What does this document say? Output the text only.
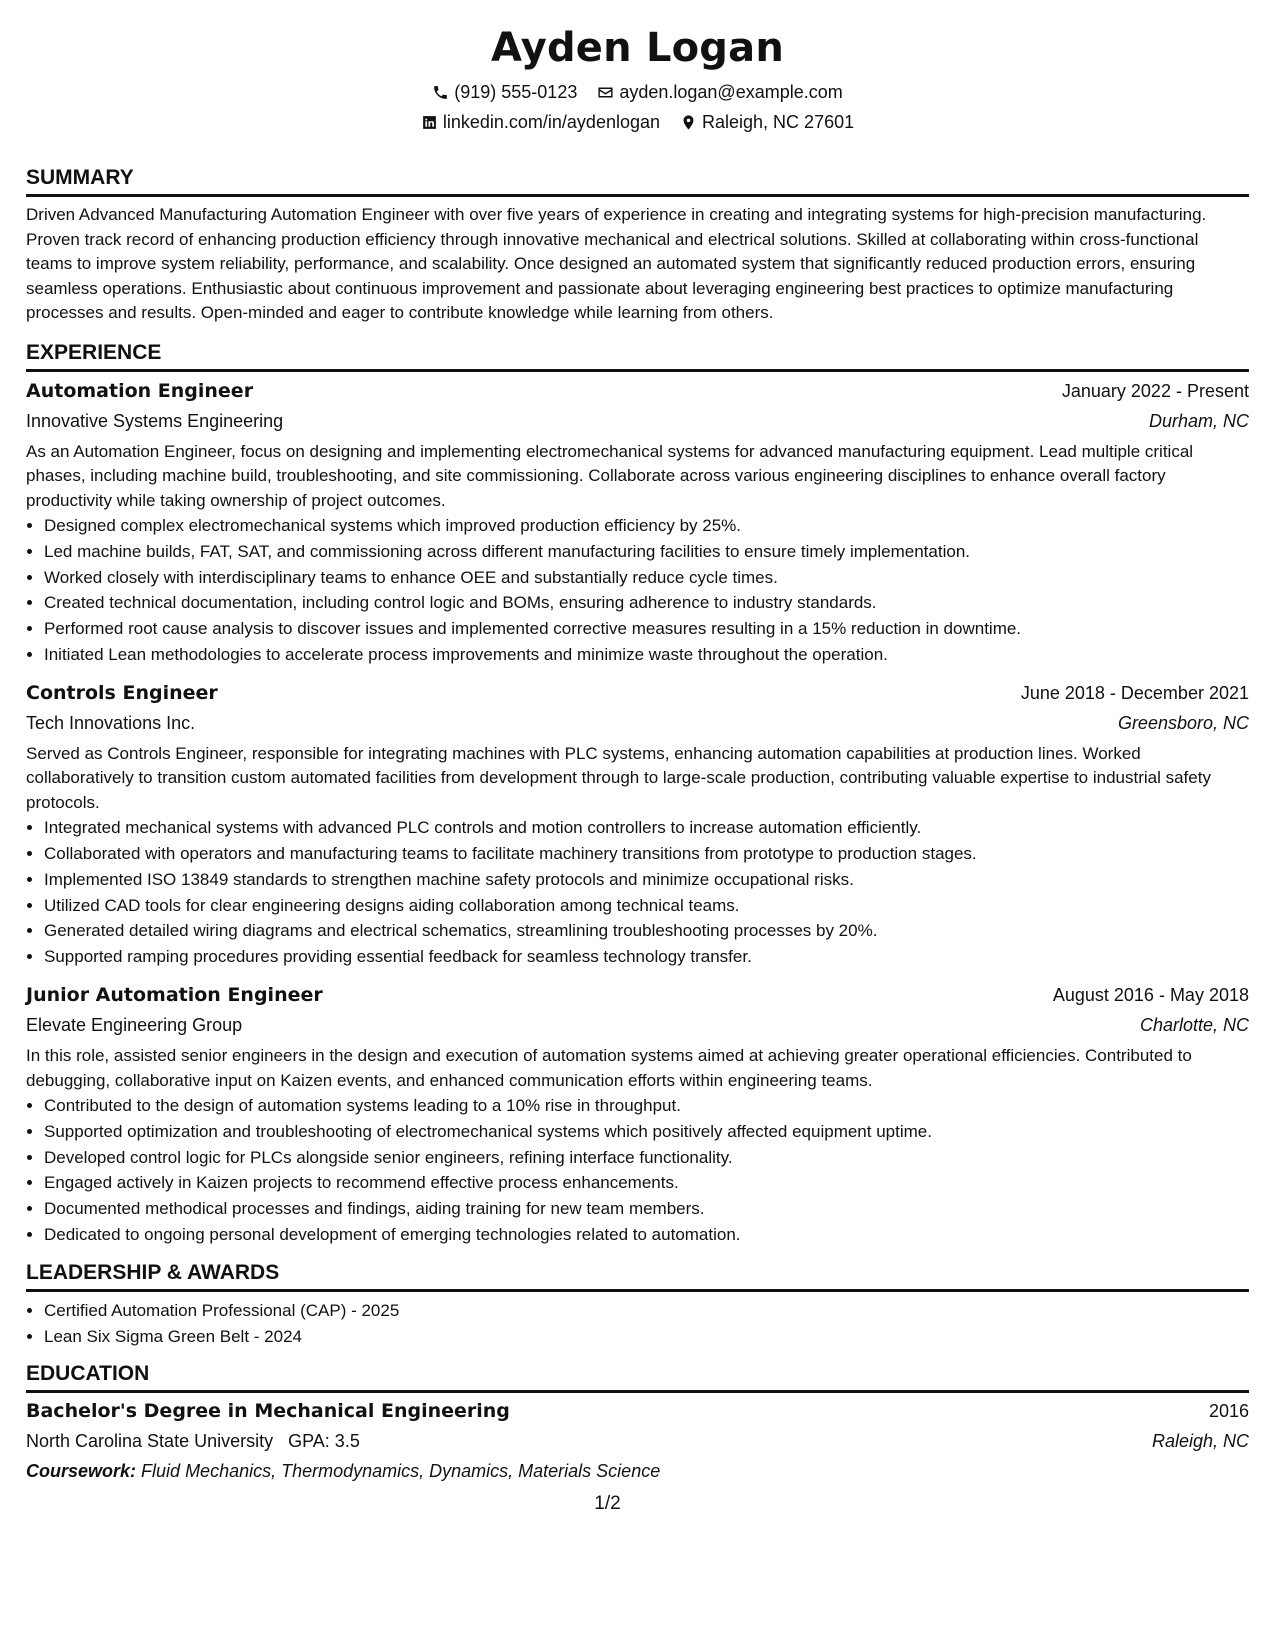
Ayden Logan
(919) 555-0123 ayden.logan@example.com
linkedin.com/in/aydenlogan Raleigh, NC 27601
SUMMARY

Driven Advanced Manufacturing Automation Engineer with over five years of experience in creating and integrating systems for high-precision manufacturing. Proven track record of enhancing production efficiency through innovative mechanical and electrical solutions. Skilled at collaborating within cross-functional teams to improve system reliability, performance, and scalability. Once designed an automated system that significantly reduced production errors, ensuring seamless operations. Enthusiastic about continuous improvement and passionate about leveraging engineering best practices to optimize manufacturing processes and results. Open-minded and eager to contribute knowledge while learning from others.

EXPERIENCE
Automation Engineer	January 2022 - Present
Innovative Systems Engineering	Durham, NC

As an Automation Engineer, focus on designing and implementing electromechanical systems for advanced manufacturing equipment. Lead multiple critical phases, including machine build, troubleshooting, and site commissioning. Collaborate across various engineering disciplines to enhance overall factory productivity while taking ownership of project outcomes.

• Designed complex electromechanical systems which improved production efficiency by 25%.
• Led machine builds, FAT, SAT, and commissioning across different manufacturing facilities to ensure timely implementation.
• Worked closely with interdisciplinary teams to enhance OEE and substantially reduce cycle times.
• Created technical documentation, including control logic and BOMs, ensuring adherence to industry standards.
• Performed root cause analysis to discover issues and implemented corrective measures resulting in a 15% reduction in downtime.
• Initiated Lean methodologies to accelerate process improvements and minimize waste throughout the operation.
Controls Engineer	June 2018 - December 2021
Tech Innovations Inc.	Greensboro, NC

Served as Controls Engineer, responsible for integrating machines with PLC systems, enhancing automation capabilities at production lines. Worked collaboratively to transition custom automated facilities from development through to large-scale production, contributing valuable expertise to industrial safety protocols.

• Integrated mechanical systems with advanced PLC controls and motion controllers to increase automation efficiently.
• Collaborated with operators and manufacturing teams to facilitate machinery transitions from prototype to production stages.
• Implemented ISO 13849 standards to strengthen machine safety protocols and minimize occupational risks.
• Utilized CAD tools for clear engineering designs aiding collaboration among technical teams.
• Generated detailed wiring diagrams and electrical schematics, streamlining troubleshooting processes by 20%.
• Supported ramping procedures providing essential feedback for seamless technology transfer.
Junior Automation Engineer	August 2016 - May 2018
Elevate Engineering Group	Charlotte, NC

In this role, assisted senior engineers in the design and execution of automation systems aimed at achieving greater operational efficiencies. Contributed to debugging, collaborative input on Kaizen events, and enhanced communication efforts within engineering teams.

• Contributed to the design of automation systems leading to a 10% rise in throughput.
• Supported optimization and troubleshooting of electromechanical systems which positively affected equipment uptime.
• Developed control logic for PLCs alongside senior engineers, refining interface functionality.
• Engaged actively in Kaizen projects to recommend effective process enhancements.
• Documented methodical processes and findings, aiding training for new team members.
• Dedicated to ongoing personal development of emerging technologies related to automation.
LEADERSHIP & AWARDS
• Certified Automation Professional (CAP) - 2025
• Lean Six Sigma Green Belt - 2024
EDUCATION
Bachelor's Degree in Mechanical Engineering	2016
North Carolina State University GPA: 3.5	Raleigh, NC
Coursework: Fluid Mechanics, Thermodynamics, Dynamics, Materials Science
1/2
